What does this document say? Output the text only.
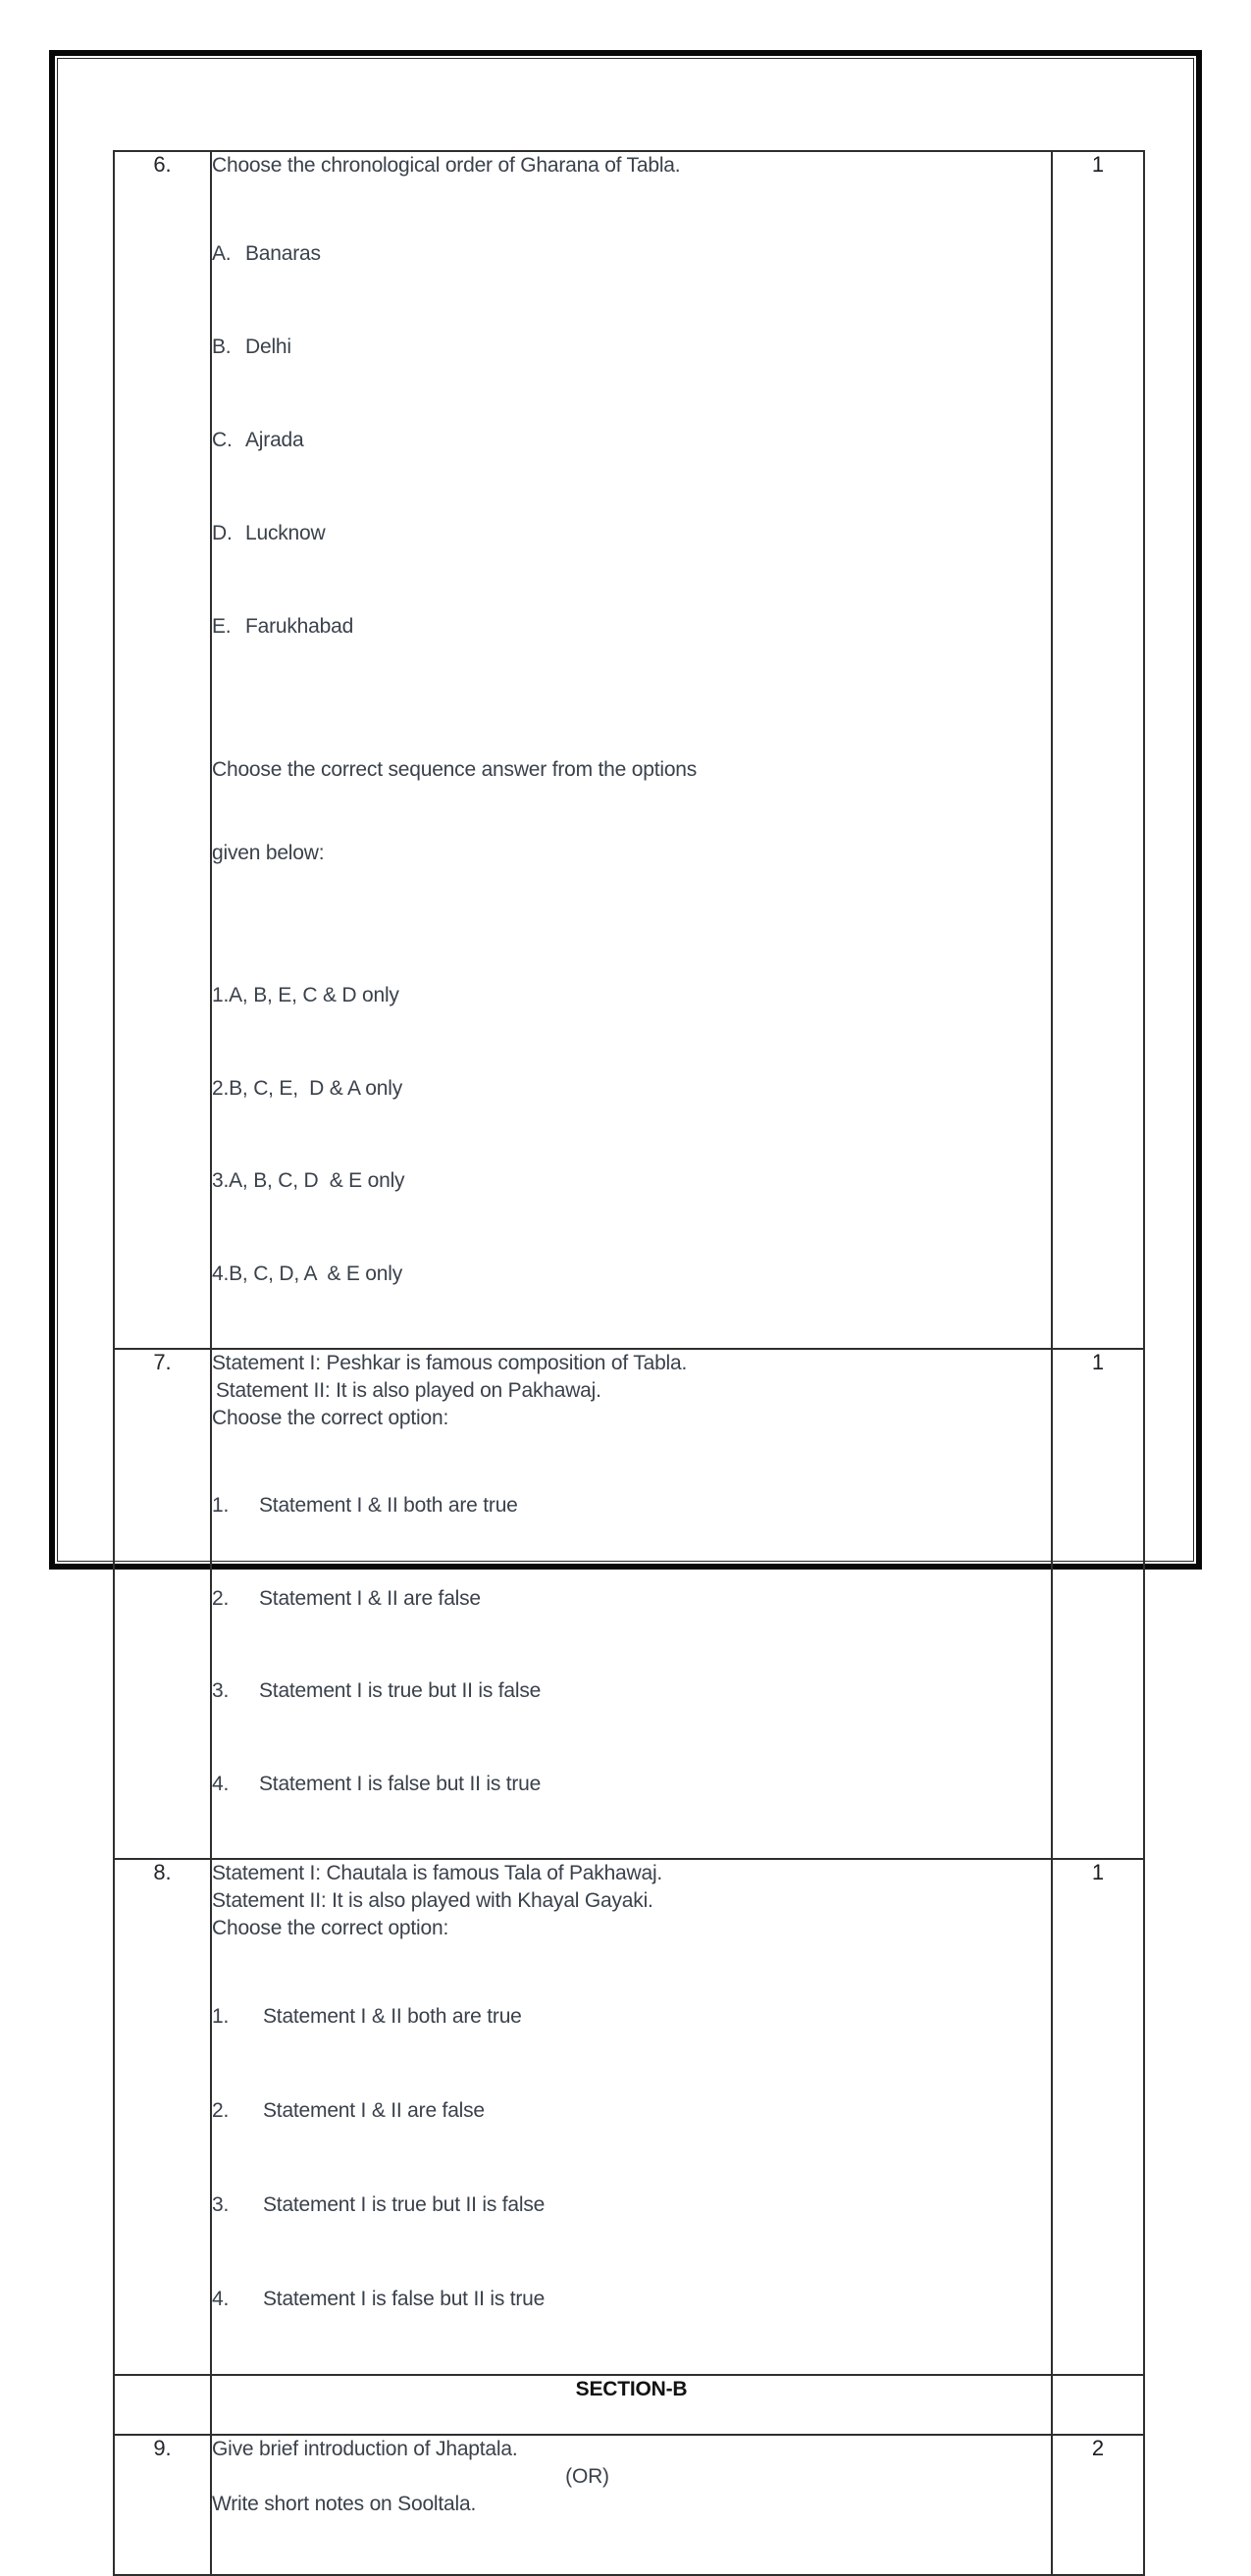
6.	Choose the chronological order of Gharana of Tabla.

A. Banaras

B. Delhi

C. Ajrada

D. Lucknow

E. Farukhabad

Choose the correct sequence answer from the options

given below:

1.A, B, E, C & D only

2.B, C, E,  D & A only

3.A, B, C, D  & E only

4.B, C, D, A  & E only

	1
7.	Statement I: Peshkar is famous composition of Tabla.

Statement II: It is also played on Pakhawaj.

Choose the correct option:

1.	Statement I & II both are true

2.	Statement I & II are false

3.	Statement I is true but II is false

4.	Statement I is false but II is true

	1
8.	Statement I: Chautala is famous Tala of Pakhawaj.

Statement II: It is also played with Khayal Gayaki.

Choose the correct option:

1.	Statement I & II both are true

2.	Statement I & II are false

3.	Statement I is true but II is false

4.	Statement I is false but II is true

	1

	SECTION-B	

9.	Give brief introduction of Jhaptala.

(OR)

Write short notes on Sooltala.	2
